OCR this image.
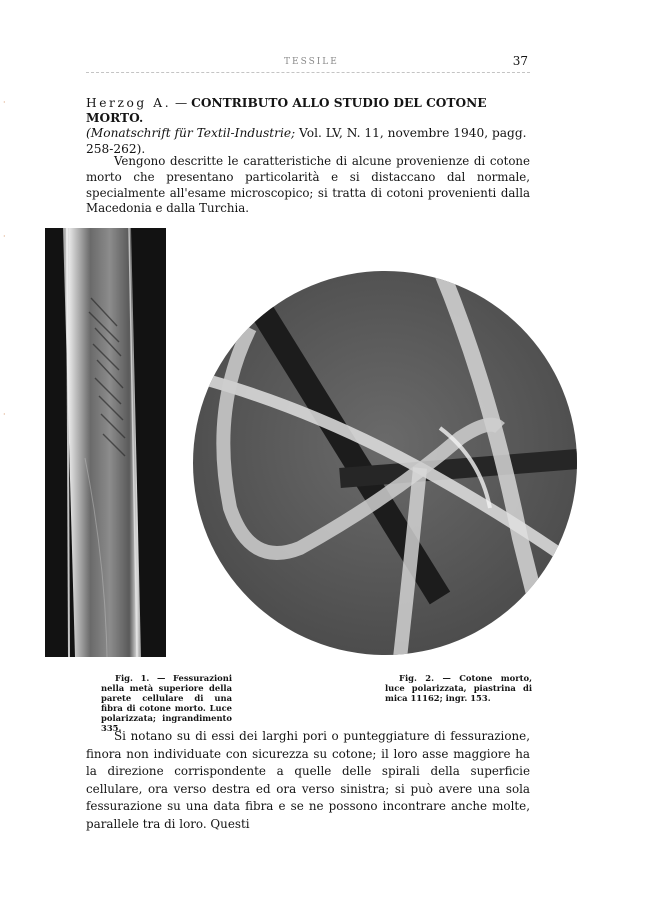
TESSILE	37
·
·
·
Herzog A. — CONTRIBUTO ALLO STUDIO DEL COTONE MORTO.
(Monatschrift für Textil-Industrie; Vol. LV, N. 11, novembre 1940, pagg. 258-262).

Vengono descritte le caratteristiche di alcune provenienze di cotone morto che presentano particolarità e si distaccano dal normale, specialmente all'esame microscopico; si tratta di cotoni provenienti dalla Macedonia e dalla Turchia.

Fig. 1. — Fessurazioni nella metà superiore della parete cellulare di una fibra di cotone morto. Luce polarizzata; ingrandimento 335.

Fig. 2. — Cotone morto, luce polarizzata, piastrina di mica 11162; ingr. 153.

Si notano su di essi dei larghi pori o punteggiature di fessurazione, finora non individuate con sicurezza su cotone; il loro asse maggiore ha la direzione corrispondente a quelle delle spirali della superficie cellulare, ora verso destra ed ora verso sinistra; si può avere una sola fessurazione su una data fibra e se ne possono incontrare anche molte, parallele tra di loro. Questi
